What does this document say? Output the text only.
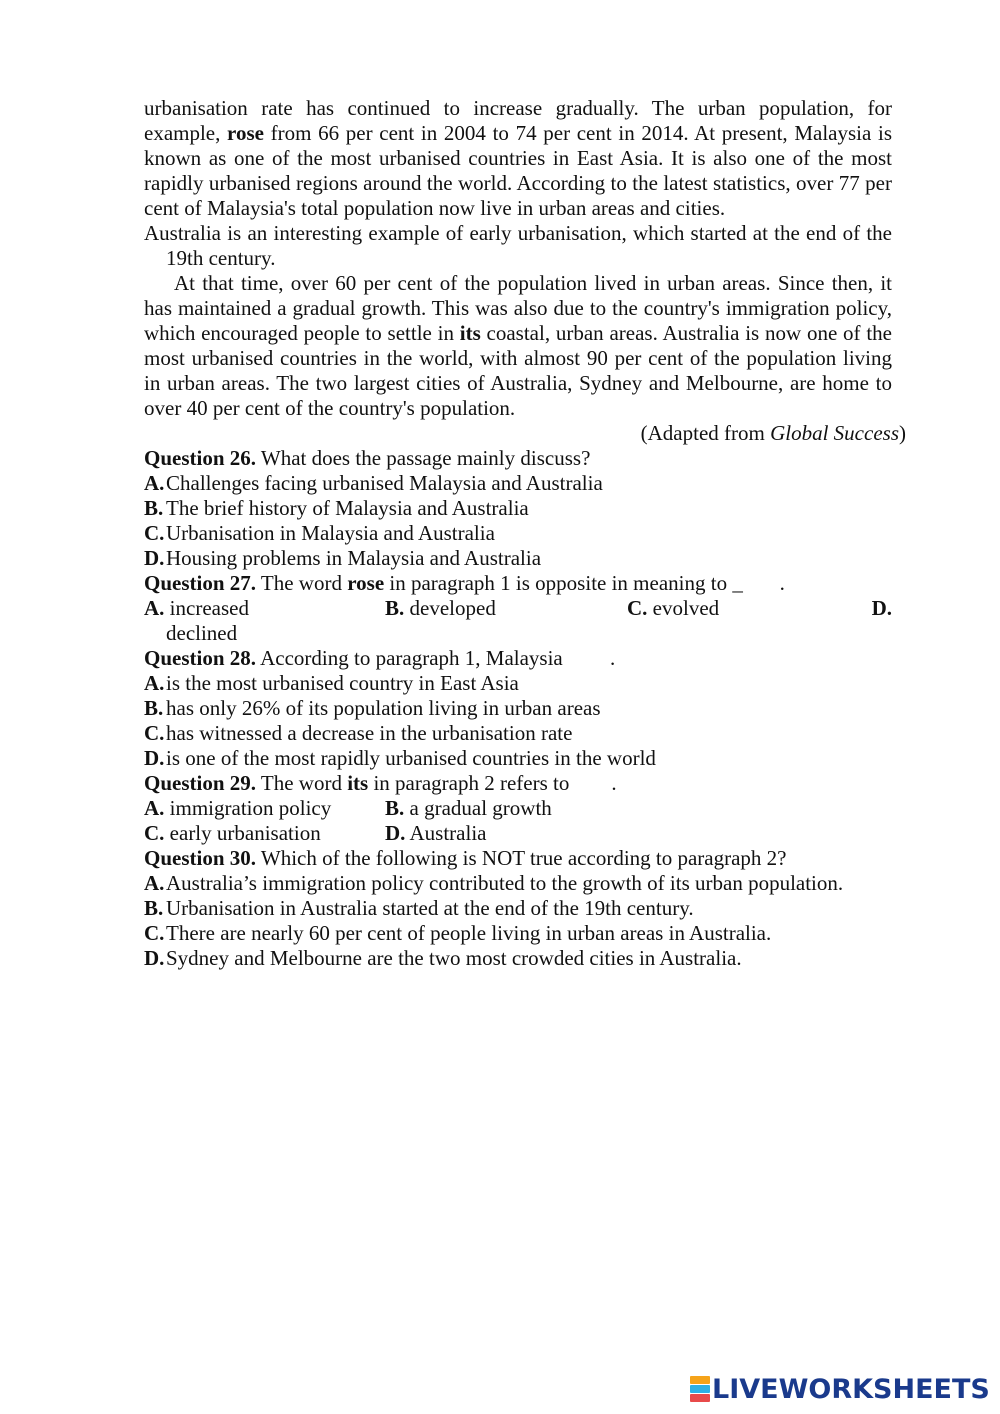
urbanisation rate has continued to increase gradually. The urban population, for example, rose from 66 per cent in 2004 to 74 per cent in 2014. At present, Malaysia is known as one of the most urbanised countries in East Asia. It is also one of the most rapidly urbanised regions around the world. According to the latest statistics, over 77 per cent of Malaysia's total population now live in urban areas and cities.

Australia is an interesting example of early urbanisation, which started at the end of the 19th century.

At that time, over 60 per cent of the population lived in urban areas. Since then, it has maintained a gradual growth. This was also due to the country's immigration policy, which encouraged people to settle in its coastal, urban areas. Australia is now one of the most urbanised countries in the world, with almost 90 per cent of the population living in urban areas. The two largest cities of Australia, Sydney and Melbourne, are home to over 40 per cent of the country's population.

(Adapted from Global Success)
Question 26. What does the passage mainly discuss?
A. Challenges facing urbanised Malaysia and Australia
B. The brief history of Malaysia and Australia
C. Urbanisation in Malaysia and Australia
D. Housing problems in Malaysia and Australia
Question 27. The word rose in paragraph 1 is opposite in meaning to _       .
A. increased	B. developed	C. evolved	D.
declined
Question 28. According to paragraph 1, Malaysia         .
A. is the most urbanised country in East Asia
B. has only 26% of its population living in urban areas
C. has witnessed a decrease in the urbanisation rate
D. is one of the most rapidly urbanised countries in the world
Question 29. The word its in paragraph 2 refers to        .
A. immigration policy	B. a gradual growth
C. early urbanisation	D. Australia
Question 30. Which of the following is NOT true according to paragraph 2?
A. Australia’s immigration policy contributed to the growth of its urban population.
B. Urbanisation in Australia started at the end of the 19th century.
C. There are nearly 60 per cent of people living in urban areas in Australia.
D. Sydney and Melbourne are the two most crowded cities in Australia.
LIVEWORKSHEETS
